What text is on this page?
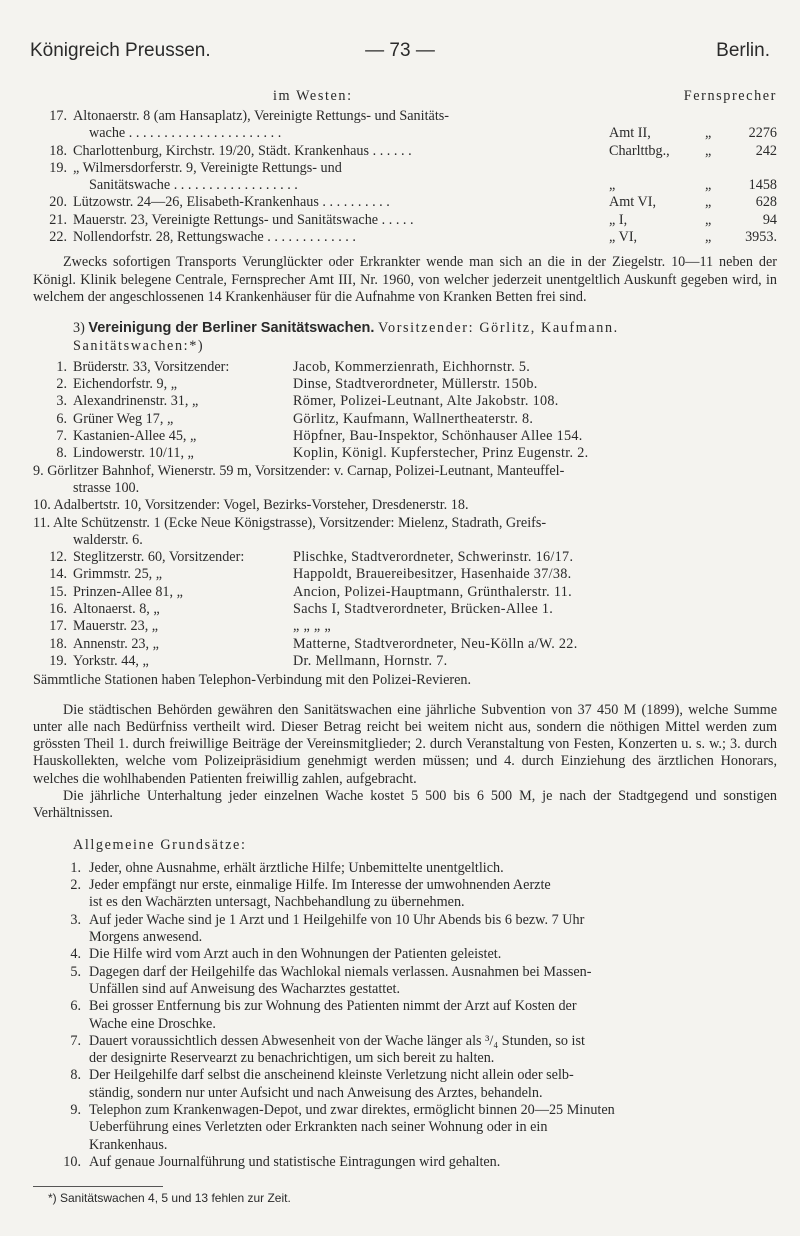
Königreich Preussen.	— 73 —	Berlin.
im Westen:	Fernsprecher
17. Altonaerstr. 8 (am Hansaplatz), Vereinigte Rettungs- und Sanitäts-
wache . . . . . . . . . . . . . . . . . . . . . .	Amt II,	„	2276
18. Charlottenburg, Kirchstr. 19/20, Städt. Krankenhaus . . . . . .	Charlttbg., „	242
19. „ Wilmersdorferstr. 9, Vereinigte Rettungs- und
Sanitätswache . . . . . . . . . . . . . . . . . .	„	„	1458
20. Lützowstr. 24—26, Elisabeth-Krankenhaus . . . . . . . . . .	Amt VI,	„	628
21. Mauerstr. 23, Vereinigte Rettungs- und Sanitätswache . . . . .	„ I,	„	94
22. Nollendorfstr. 28, Rettungswache . . . . . . . . . . . . .	„ VI,	„ 3953.

Zwecks sofortigen Transports Verunglückter oder Erkrankter wende man sich an die in der Ziegelstr. 10—11 neben der Königl. Klinik belegene Centrale, Fernsprecher Amt III, Nr. 1960, von welcher jederzeit unentgeltlich Auskunft gegeben wird, in welchem der angeschlossenen 14 Krankenhäuser für die Aufnahme von Kranken Betten frei sind.

3) Vereinigung der Berliner Sanitätswachen. Vorsitzender: Görlitz, Kaufmann.
Sanitätswachen:*)
1. Brüderstr. 33, Vorsitzender:	Jacob, Kommerzienrath, Eichhornstr. 5.
2. Eichendorfstr. 9, „	Dinse, Stadtverordneter, Müllerstr. 150b.
3. Alexandrinenstr. 31, „	Römer, Polizei-Leutnant, Alte Jakobstr. 108.
6. Grüner Weg 17, „	Görlitz, Kaufmann, Wallnertheaterstr. 8.
7. Kastanien-Allee 45, „	Höpfner, Bau-Inspektor, Schönhauser Allee 154.
8. Lindowerstr. 10/11, „	Koplin, Königl. Kupferstecher, Prinz Eugenstr. 2.
9. Görlitzer Bahnhof, Wienerstr. 59 m, Vorsitzender: v. Carnap, Polizei-Leutnant, Manteuffel-
strasse 100.
10. Adalbertstr. 10, Vorsitzender: Vogel, Bezirks-Vorsteher, Dresdenerstr. 18.
11. Alte Schützenstr. 1 (Ecke Neue Königstrasse), Vorsitzender: Mielenz, Stadrath, Greifs-
walderstr. 6.
12. Steglitzerstr. 60, Vorsitzender:	Plischke, Stadtverordneter, Schwerinstr. 16/17.
14. Grimmstr. 25, „	Happoldt, Brauereibesitzer, Hasenhaide 37/38.
15. Prinzen-Allee 81, „	Ancion, Polizei-Hauptmann, Grünthalerstr. 11.
16. Altonaerst. 8, „	Sachs I, Stadtverordneter, Brücken-Allee 1.
17. Mauerstr. 23, „	„ „ „ „
18. Annenstr. 23, „	Matterne, Stadtverordneter, Neu-Kölln a/W. 22.
19. Yorkstr. 44, „	Dr. Mellmann, Hornstr. 7.
Sämmtliche Stationen haben Telephon-Verbindung mit den Polizei-Revieren.

Die städtischen Behörden gewähren den Sanitätswachen eine jährliche Subvention von 37 450 M (1899), welche Summe unter alle nach Bedürfniss vertheilt wird. Dieser Betrag reicht bei weitem nicht aus, sondern die nöthigen Mittel werden zum grössten Theil 1. durch freiwillige Beiträge der Vereinsmitglieder; 2. durch Veranstaltung von Festen, Konzerten u. s. w.; 3. durch Hauskollekten, welche vom Polizeipräsidium genehmigt werden müssen; und 4. durch Einziehung des ärztlichen Honorars, welches die wohlhabenden Patienten freiwillig zahlen, aufgebracht.

Die jährliche Unterhaltung jeder einzelnen Wache kostet 5 500 bis 6 500 M, je nach der Stadtgegend und sonstigen Verhältnissen.

Allgemeine Grundsätze:
1. Jeder, ohne Ausnahme, erhält ärztliche Hilfe; Unbemittelte unentgeltlich.
2. Jeder empfängt nur erste, einmalige Hilfe. Im Interesse der umwohnenden Aerzte
ist es den Wachärzten untersagt, Nachbehandlung zu übernehmen.
3. Auf jeder Wache sind je 1 Arzt und 1 Heilgehilfe von 10 Uhr Abends bis 6 bezw. 7 Uhr
Morgens anwesend.
4. Die Hilfe wird vom Arzt auch in den Wohnungen der Patienten geleistet.
5. Dagegen darf der Heilgehilfe das Wachlokal niemals verlassen. Ausnahmen bei Massen-
Unfällen sind auf Anweisung des Wacharztes gestattet.
6. Bei grosser Entfernung bis zur Wohnung des Patienten nimmt der Arzt auf Kosten der
Wache eine Droschke.
7. Dauert voraussichtlich dessen Abwesenheit von der Wache länger als ³/₄ Stunden, so ist
der designirte Reservearzt zu benachrichtigen, um sich bereit zu halten.
8. Der Heilgehilfe darf selbst die anscheinend kleinste Verletzung nicht allein oder selb-
ständig, sondern nur unter Aufsicht und nach Anweisung des Arztes, behandeln.
9. Telephon zum Krankenwagen-Depot, und zwar direktes, ermöglicht binnen 20—25 Minuten
Ueberführung eines Verletzten oder Erkrankten nach seiner Wohnung oder in ein
Krankenhaus.
10. Auf genaue Journalführung und statistische Eintragungen wird gehalten.
*) Sanitätswachen 4, 5 und 13 fehlen zur Zeit.
